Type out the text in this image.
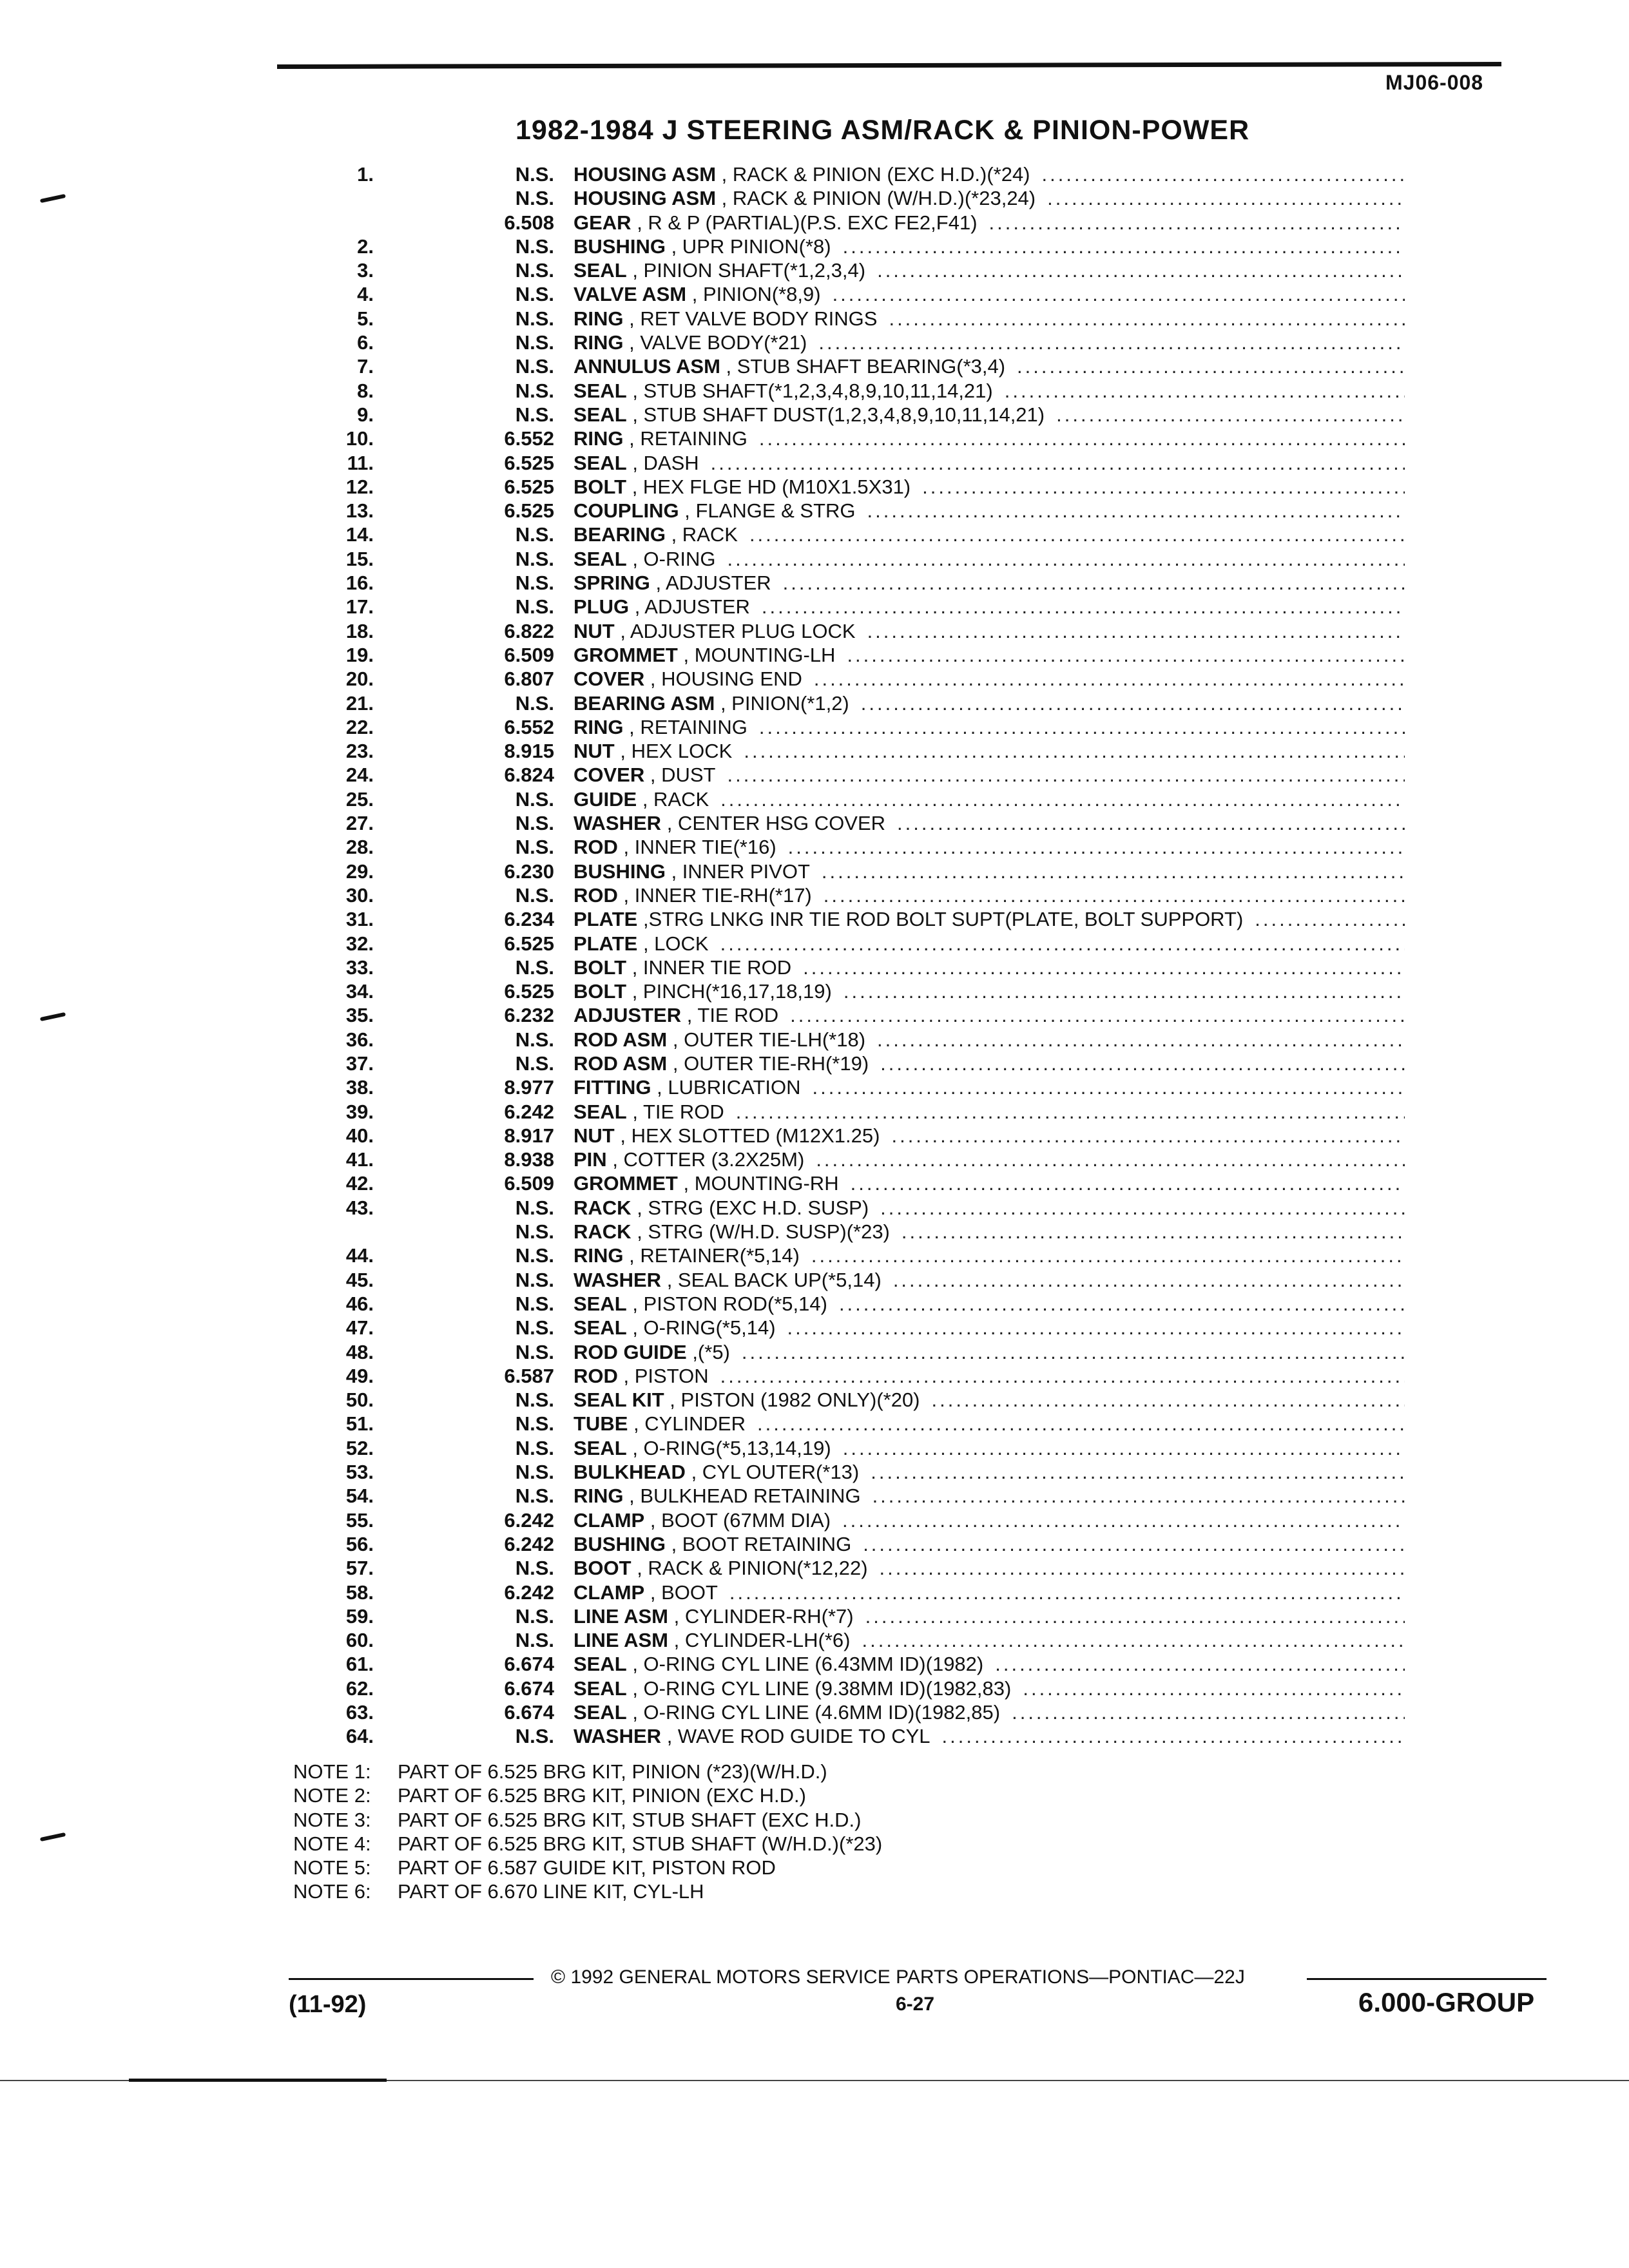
MJ06-008
1982-1984 J STEERING ASM/RACK & PINION-POWER
1.	N.S. HOUSING ASM , RACK & PINION (EXC H.D.)(*24)
.....
N.S. HOUSING ASM , RACK & PINION (W/H.D.)(*23,24)
.....
6.508 GEAR , R & P (PARTIAL)(P.S. EXC FE2,F41)
.....
2.	N.S. BUSHING , UPR PINION(*8)
.....
3.	N.S. SEAL , PINION SHAFT(*1,2,3,4)
.....
4.	N.S. VALVE ASM , PINION(*8,9)
.....
5.	N.S. RING , RET VALVE BODY RINGS
.....
6.	N.S. RING , VALVE BODY(*21)
.....
7.	N.S. ANNULUS ASM , STUB SHAFT BEARING(*3,4)
.....
8.	N.S. SEAL , STUB SHAFT(*1,2,3,4,8,9,10,11,14,21)
.....
9.	N.S. SEAL , STUB SHAFT DUST(1,2,3,4,8,9,10,11,14,21)
.....
10.	6.552 RING , RETAINING
.....
11.	6.525 SEAL , DASH
.....
12.	6.525 BOLT , HEX FLGE HD (M10X1.5X31)
.....
13.	6.525 COUPLING , FLANGE & STRG
.....
14.	N.S. BEARING , RACK
.....
15.	N.S. SEAL , O-RING
.....
16.	N.S. SPRING , ADJUSTER
.....
17.	N.S. PLUG , ADJUSTER
.....
18.	6.822 NUT , ADJUSTER PLUG LOCK
.....
19.	6.509 GROMMET , MOUNTING-LH
.....
20.	6.807 COVER , HOUSING END
.....
21.	N.S. BEARING ASM , PINION(*1,2)
.....
22.	6.552 RING , RETAINING
.....
23.	8.915 NUT , HEX LOCK
.....
24.	6.824 COVER , DUST
.....
25.	N.S. GUIDE , RACK
.....
27.	N.S. WASHER , CENTER HSG COVER
.....
28.	N.S. ROD , INNER TIE(*16)
.....
29.	6.230 BUSHING , INNER PIVOT
.....
30.	N.S. ROD , INNER TIE-RH(*17)
.....
31.	6.234 PLATE ,STRG LNKG INR TIE ROD BOLT SUPT(PLATE, BOLT SUPPORT)
.....
32.	6.525 PLATE , LOCK
.....
33.	N.S. BOLT , INNER TIE ROD
.....
34.	6.525 BOLT , PINCH(*16,17,18,19)
.....
35.	6.232 ADJUSTER , TIE ROD
.....
36.	N.S. ROD ASM , OUTER TIE-LH(*18)
.....
37.	N.S. ROD ASM , OUTER TIE-RH(*19)
.....
38.	8.977 FITTING , LUBRICATION
.....
39.	6.242 SEAL , TIE ROD
.....
40.	8.917 NUT , HEX SLOTTED (M12X1.25)
.....
41.	8.938 PIN , COTTER (3.2X25M)
.....
42.	6.509 GROMMET , MOUNTING-RH
.....
43.	N.S. RACK , STRG (EXC H.D. SUSP)
.....
N.S. RACK , STRG (W/H.D. SUSP)(*23)
.....
44.	N.S. RING , RETAINER(*5,14)
.....
45.	N.S. WASHER , SEAL BACK UP(*5,14)
.....
46.	N.S. SEAL , PISTON ROD(*5,14)
.....
47.	N.S. SEAL , O-RING(*5,14)
.....
48.	N.S. ROD GUIDE ,(*5)
.....
49.	6.587 ROD , PISTON
.....
50.	N.S. SEAL KIT , PISTON (1982 ONLY)(*20)
.....
51.	N.S. TUBE , CYLINDER
.....
52.	N.S. SEAL , O-RING(*5,13,14,19)
.....
53.	N.S. BULKHEAD , CYL OUTER(*13)
.....
54.	N.S. RING , BULKHEAD RETAINING
.....
55.	6.242 CLAMP , BOOT (67MM DIA)
.....
56.	6.242 BUSHING , BOOT RETAINING
.....
57.	N.S. BOOT , RACK & PINION(*12,22)
.....
58.	6.242 CLAMP , BOOT
.....
59.	N.S. LINE ASM , CYLINDER-RH(*7)
.....
60.	N.S. LINE ASM , CYLINDER-LH(*6)
.....
61.	6.674 SEAL , O-RING CYL LINE (6.43MM ID)(1982)
.....
62.	6.674 SEAL , O-RING CYL LINE (9.38MM ID)(1982,83)
.....
63.	6.674 SEAL , O-RING CYL LINE (4.6MM ID)(1982,85)
.....
64.	N.S. WASHER , WAVE ROD GUIDE TO CYL
.....
NOTE 1: PART OF 6.525 BRG KIT, PINION (*23)(W/H.D.)
NOTE 2: PART OF 6.525 BRG KIT, PINION (EXC H.D.)
NOTE 3: PART OF 6.525 BRG KIT, STUB SHAFT (EXC H.D.)
NOTE 4: PART OF 6.525 BRG KIT, STUB SHAFT (W/H.D.)(*23)
NOTE 5: PART OF 6.587 GUIDE KIT, PISTON ROD
NOTE 6: PART OF 6.670 LINE KIT, CYL-LH
© 1992 GENERAL MOTORS SERVICE PARTS OPERATIONS—PONTIAC—22J
(11-92)	6-27	6.000-GROUP
